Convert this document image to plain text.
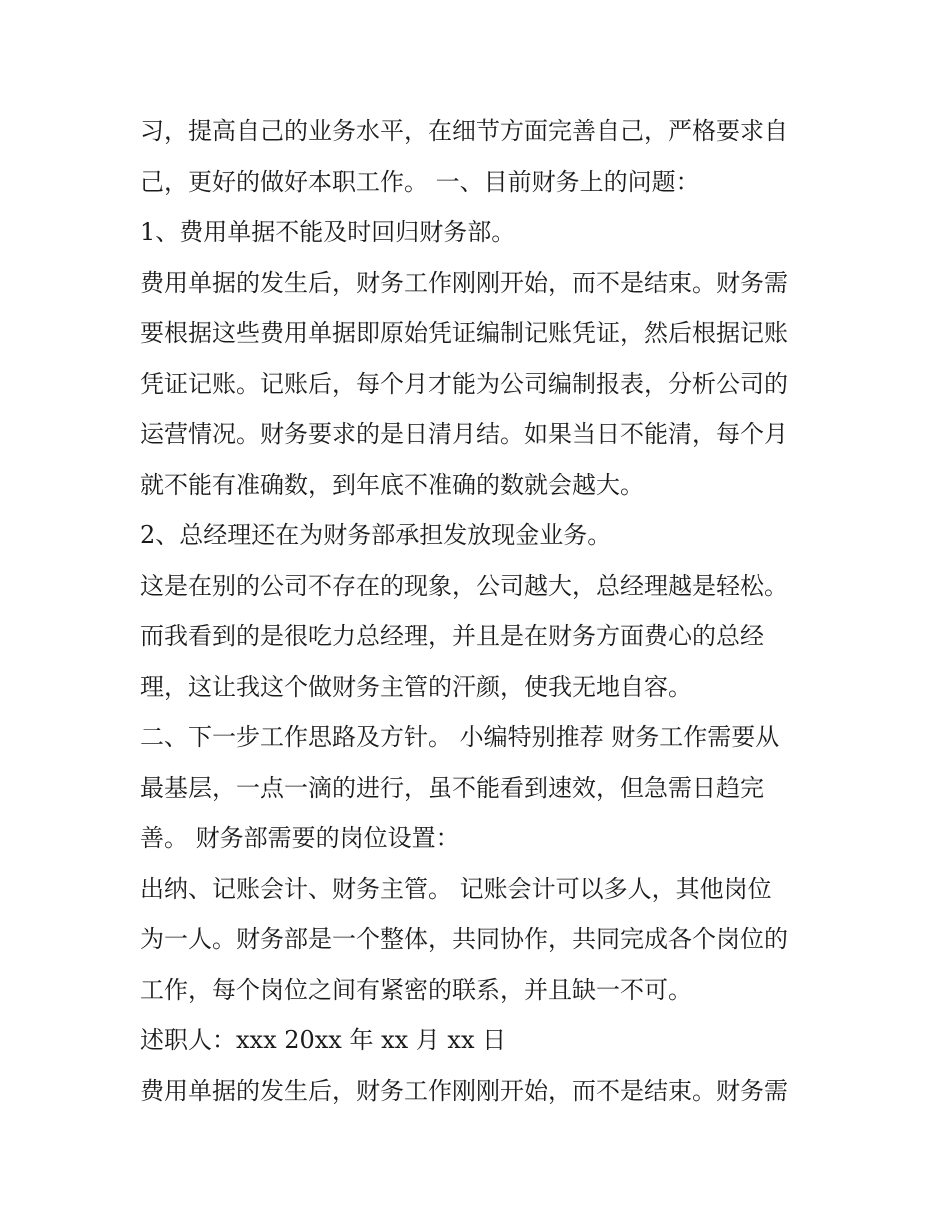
习，提高自己的业务水平，在细节方面完善自己，严格要求自
己，更好的做好本职工作。 一、目前财务上的问题：
1、费用单据不能及时回归财务部。
费用单据的发生后，财务工作刚刚开始，而不是结束。财务需
要根据这些费用单据即原始凭证编制记账凭证，然后根据记账
凭证记账。记账后，每个月才能为公司编制报表，分析公司的
运营情况。财务要求的是日清月结。如果当日不能清，每个月
就不能有准确数，到年底不准确的数就会越大。
2、总经理还在为财务部承担发放现金业务。
这是在别的公司不存在的现象，公司越大，总经理越是轻松。
而我看到的是很吃力总经理，并且是在财务方面费心的总经
理，这让我这个做财务主管的汗颜，使我无地自容。
二、下一步工作思路及方针。 小编特别推荐 财务工作需要从
最基层，一点一滴的进行，虽不能看到速效，但急需日趋完
善。 财务部需要的岗位设置：
出纳、记账会计、财务主管。 记账会计可以多人，其他岗位
为一人。财务部是一个整体，共同协作，共同完成各个岗位的
工作，每个岗位之间有紧密的联系，并且缺一不可。
述职人：xxx 20xx 年 xx 月 xx 日
费用单据的发生后，财务工作刚刚开始，而不是结束。财务需
